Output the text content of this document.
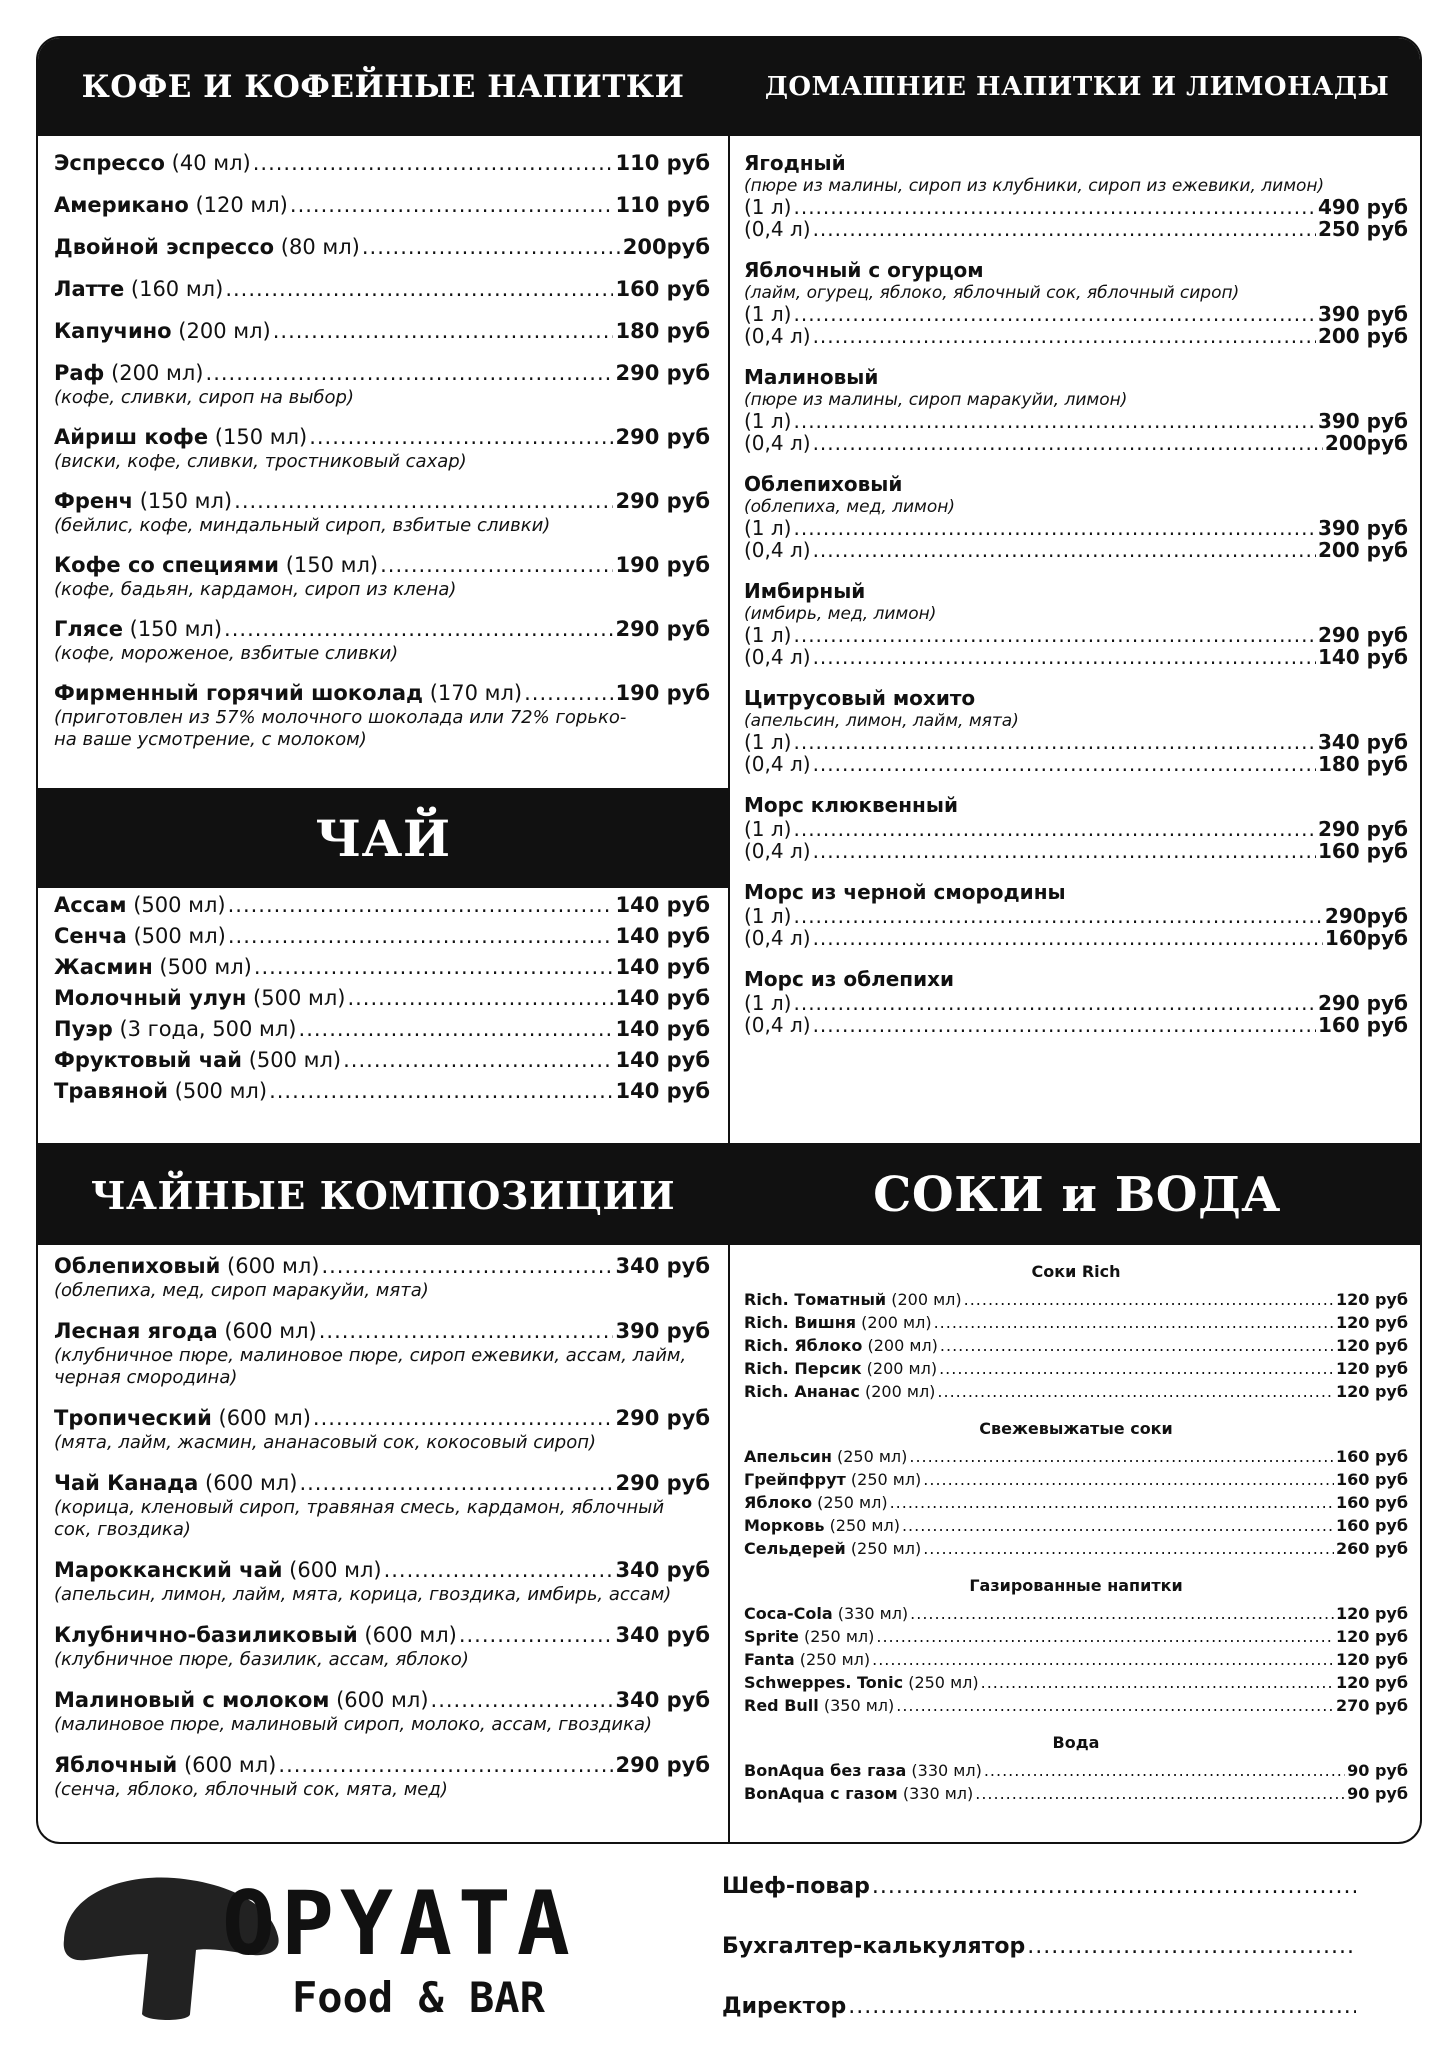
КОФЕ И КОФЕЙНЫЕ НАПИТКИ	ДОМАШНИЕ НАПИТКИ И ЛИМОНАДЫ
ЧАЙ
ЧАЙНЫЕ КОМПОЗИЦИИ	СОКИ и ВОДА
Эспрессо (40 мл) .....	110 руб
Американо (120 мл) .....	110 руб
Двойной эспрессо (80 мл) .....	200руб
Латте (160 мл) .....	160 руб
Капучино (200 мл) .....	180 руб
Раф (200 мл) .....	290 руб
(кофе, сливки, сироп на выбор)
Айриш кофе (150 мл) .....	290 руб
(виски, кофе, сливки, тростниковый сахар)
Френч (150 мл) .....	290 руб
(бейлис, кофе, миндальный сироп, взбитые сливки)
Кофе со специями (150 мл) .....	190 руб
(кофе, бадьян, кардамон, сироп из клена)
Глясе (150 мл) .....	290 руб
(кофе, мороженое, взбитые сливки)
Фирменный горячий шоколад (170 мл) .....	190 руб
(приготовлен из 57% молочного шоколада или 72% горько-
на ваше усмотрение, с молоком)
Ассам (500 мл) .....	140 руб
Сенча (500 мл) .....	140 руб
Жасмин (500 мл) .....	140 руб
Молочный улун (500 мл) .....	140 руб
Пуэр (3 года, 500 мл) .....	140 руб
Фруктовый чай (500 мл) .....	140 руб
Травяной (500 мл) .....	140 руб
Облепиховый (600 мл) .....	340 руб
(облепиха, мед, сироп маракуйи, мята)
Лесная ягода (600 мл) .....	390 руб
(клубничное пюре, малиновое пюре, сироп ежевики, ассам, лайм,
черная смородина)
Тропический (600 мл) .....	290 руб
(мята, лайм, жасмин, ананасовый сок, кокосовый сироп)
Чай Канада (600 мл) .....	290 руб
(корица, кленовый сироп, травяная смесь, кардамон, яблочный
сок, гвоздика)
Марокканский чай (600 мл) .....	340 руб
(апельсин, лимон, лайм, мята, корица, гвоздика, имбирь, ассам)
Клубнично-базиликовый (600 мл) .....	340 руб
(клубничное пюре, базилик, ассам, яблоко)
Малиновый с молоком (600 мл) .....	340 руб
(малиновое пюре, малиновый сироп, молоко, ассам, гвоздика)
Яблочный (600 мл) .....	290 руб
(сенча, яблоко, яблочный сок, мята, мед)
Ягодный
(пюре из малины, сироп из клубники, сироп из ежевики, лимон)
(1 л) .....	490 руб
(0,4 л) .....	250 руб
Яблочный с огурцом
(лайм, огурец, яблоко, яблочный сок, яблочный сироп)
(1 л) .....	390 руб
(0,4 л) .....	200 руб
Малиновый
(пюре из малины, сироп маракуйи, лимон)
(1 л) .....	390 руб
(0,4 л) .....	200руб
Облепиховый
(облепиха, мед, лимон)
(1 л) .....	390 руб
(0,4 л) .....	200 руб
Имбирный
(имбирь, мед, лимон)
(1 л) .....	290 руб
(0,4 л) .....	140 руб
Цитрусовый мохито
(апельсин, лимон, лайм, мята)
(1 л) .....	340 руб
(0,4 л) .....	180 руб
Морс клюквенный
(1 л) .....	290 руб
(0,4 л) .....	160 руб
Морс из черной смородины
(1 л) .....	290руб
(0,4 л) .....	160руб
Морс из облепихи
(1 л) .....	290 руб
(0,4 л) .....	160 руб
Соки Rich
Rich. Томатный (200 мл) .....	120 руб
Rich. Вишня (200 мл) .....	120 руб
Rich. Яблоко (200 мл) .....	120 руб
Rich. Персик (200 мл) .....	120 руб
Rich. Ананас (200 мл) .....	120 руб
Свежевыжатые соки
Апельсин (250 мл) .....	160 руб
Грейпфрут (250 мл) .....	160 руб
Яблоко (250 мл) .....	160 руб
Морковь (250 мл) .....	160 руб
Сельдерей (250 мл) .....	260 руб
Газированные напитки
Coca-Cola (330 мл) .....	120 руб
Sprite (250 мл) .....	120 руб
Fanta (250 мл) .....	120 руб
Schweppes. Tonic (250 мл) .....	120 руб
Red Bull (350 мл) .....	270 руб
Вода
BonAqua без газа (330 мл) .....	90 руб
BonAqua с газом (330 мл) .....	90 руб
OPYATA
Food & BAR
Шеф-повар
.....
Бухгалтер-калькулятор
.....
Директор
.....
